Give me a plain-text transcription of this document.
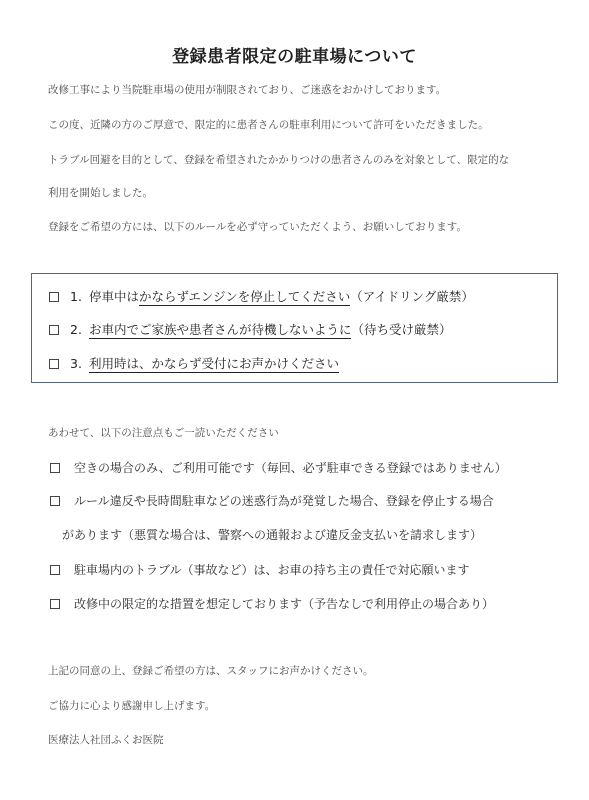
登録患者限定の駐車場について

改修工事により当院駐車場の使用が制限されており、ご迷惑をおかけしております。

この度、近隣の方のご厚意で、限定的に患者さんの駐車利用について許可をいただきました。

トラブル回避を目的として、登録を希望されたかかりつけの患者さんのみを対象として、限定的な

利用を開始しました。

登録をご希望の方には、以下のルールを必ず守っていただくよう、お願いしております。

1. 停車中はかならずエンジンを停止してください（アイドリング厳禁）
2. お車内でご家族や患者さんが待機しないように（待ち受け厳禁）
3. 利用時は、かならず受付にお声かけください

あわせて、以下の注意点もご一読いただください

空きの場合のみ、ご利用可能です（毎回、必ず駐車できる登録ではありません）
ルール違反や長時間駐車などの迷惑行為が発覚した場合、登録を停止する場合
があります（悪質な場合は、警察への通報および違反金支払いを請求します）
駐車場内のトラブル（事故など）は、お車の持ち主の責任で対応願います
改修中の限定的な措置を想定しております（予告なしで利用停止の場合あり）

上記の同意の上、登録ご希望の方は、スタッフにお声かけください。

ご協力に心より感謝申し上げます。

医療法人社団ふくお医院
